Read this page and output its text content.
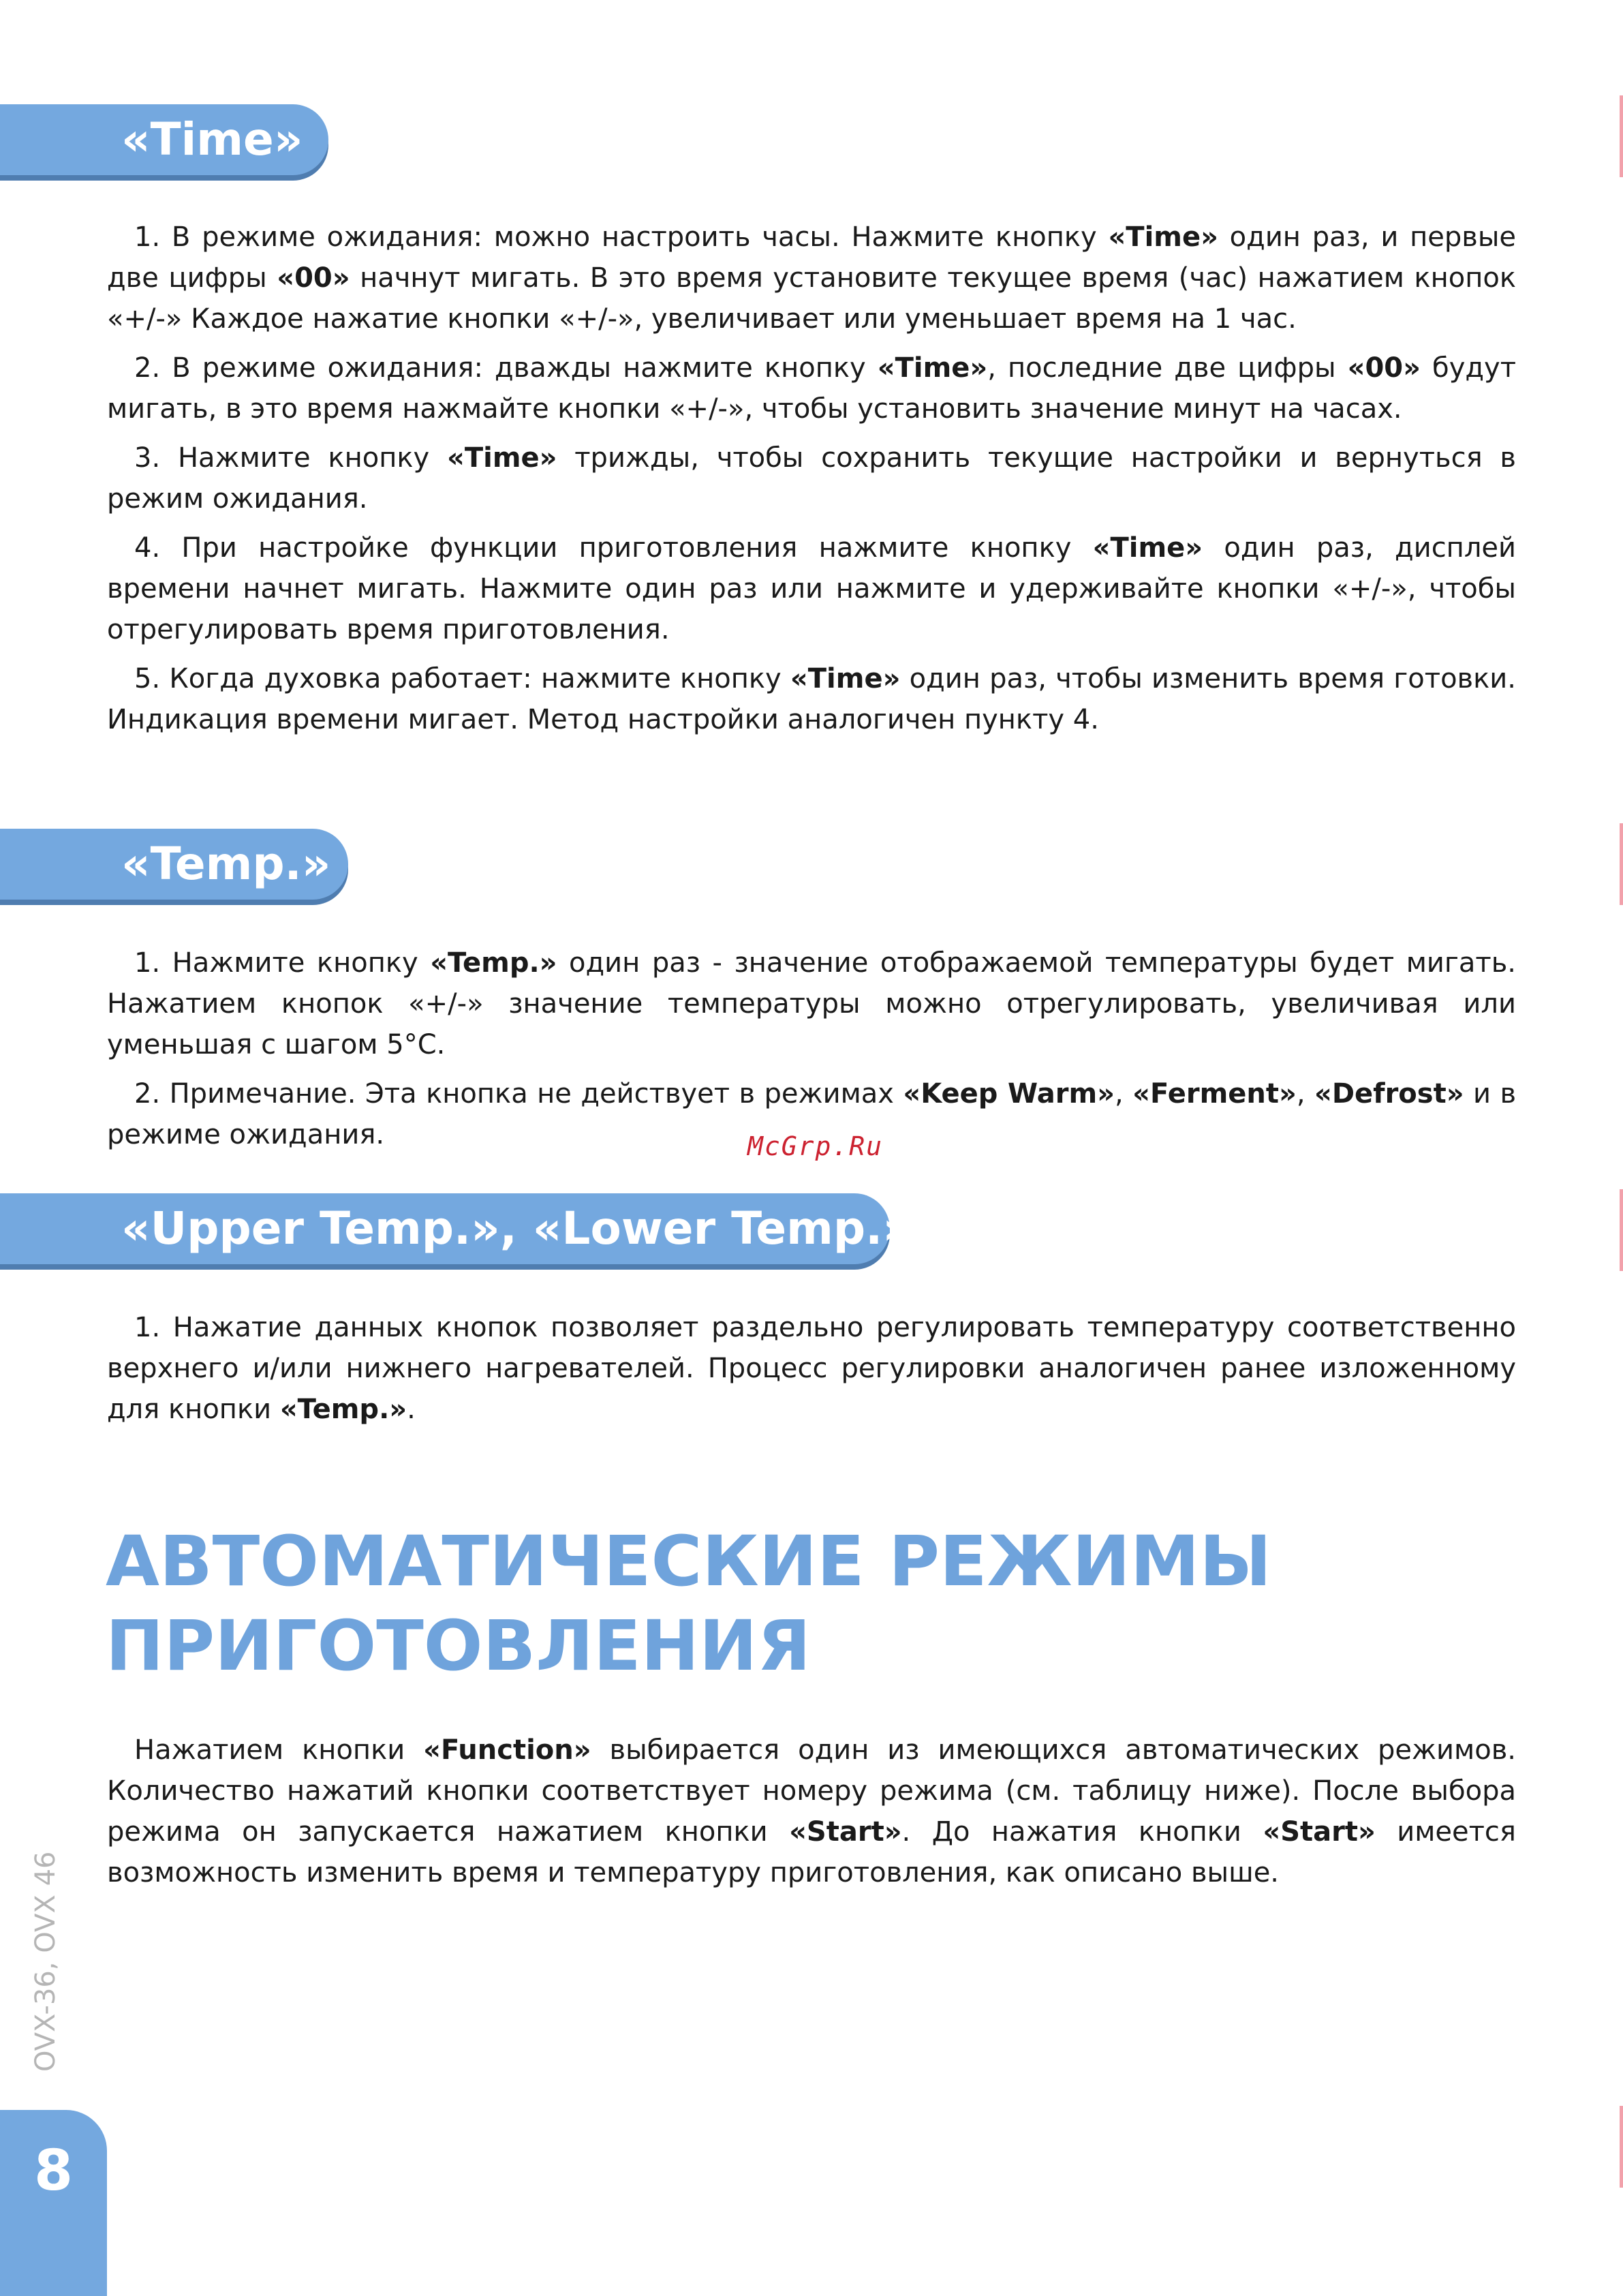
«Time»

1. В режиме ожидания: можно настроить часы. Нажмите кнопку «Time» один раз, и первые две цифры «00» начнут мигать. В это время установите текущее время (час) нажатием кнопок «+/-» Каждое нажатие кнопки «+/-», увеличивает или уменьшает время на 1 час.

2. В режиме ожидания: дважды нажмите кнопку «Time», последние две цифры «00» будут мигать, в это время нажмайте кнопки «+/-», чтобы установить значение минут на часах.

3. Нажмите кнопку «Time» трижды, чтобы сохранить текущие настройки и вернуться в режим ожидания.

4. При настройке функции приготовления нажмите кнопку «Time» один раз, дисплей времени начнет мигать. Нажмите один раз или нажмите и удерживайте кнопки «+/-», чтобы отрегулировать время приготовления.

5. Когда духовка работает: нажмите кнопку «Time» один раз, чтобы изменить время готовки. Индикация времени мигает. Метод настройки аналогичен пункту 4.

«Temp.»

1. Нажмите кнопку «Temp.» один раз - значение отображаемой температуры будет мигать. Нажатием кнопок «+/-» значение температуры можно отрегулировать, увеличивая или уменьшая с шагом 5°С.

2. Примечание. Эта кнопка не действует в режимах «Keep Warm», «Ferment», «Defrost» и в режиме ожидания.	McGrp.Ru
«Upper Temp.», «Lower Temp.»

1. Нажатие данных кнопок позволяет раздельно регулировать температуру соответственно верхнего и/или нижнего нагревателей. Процесс регулировки аналогичен ранее изложенному для кнопки «Temp.».

АВТОМАТИЧЕСКИЕ РЕЖИМЫ
ПРИГОТОВЛЕНИЯ

Нажатием кнопки «Function» выбирается один из имеющихся автоматических режимов. Количество нажатий кнопки соответствует номеру режима (см. таблицу ниже). После выбора режима он запускается нажатием кнопки «Start». До нажатия кнопки «Start» имеется возможность изменить время и температуру приготовления, как описано выше.

OVX-36, OVX 46
8
